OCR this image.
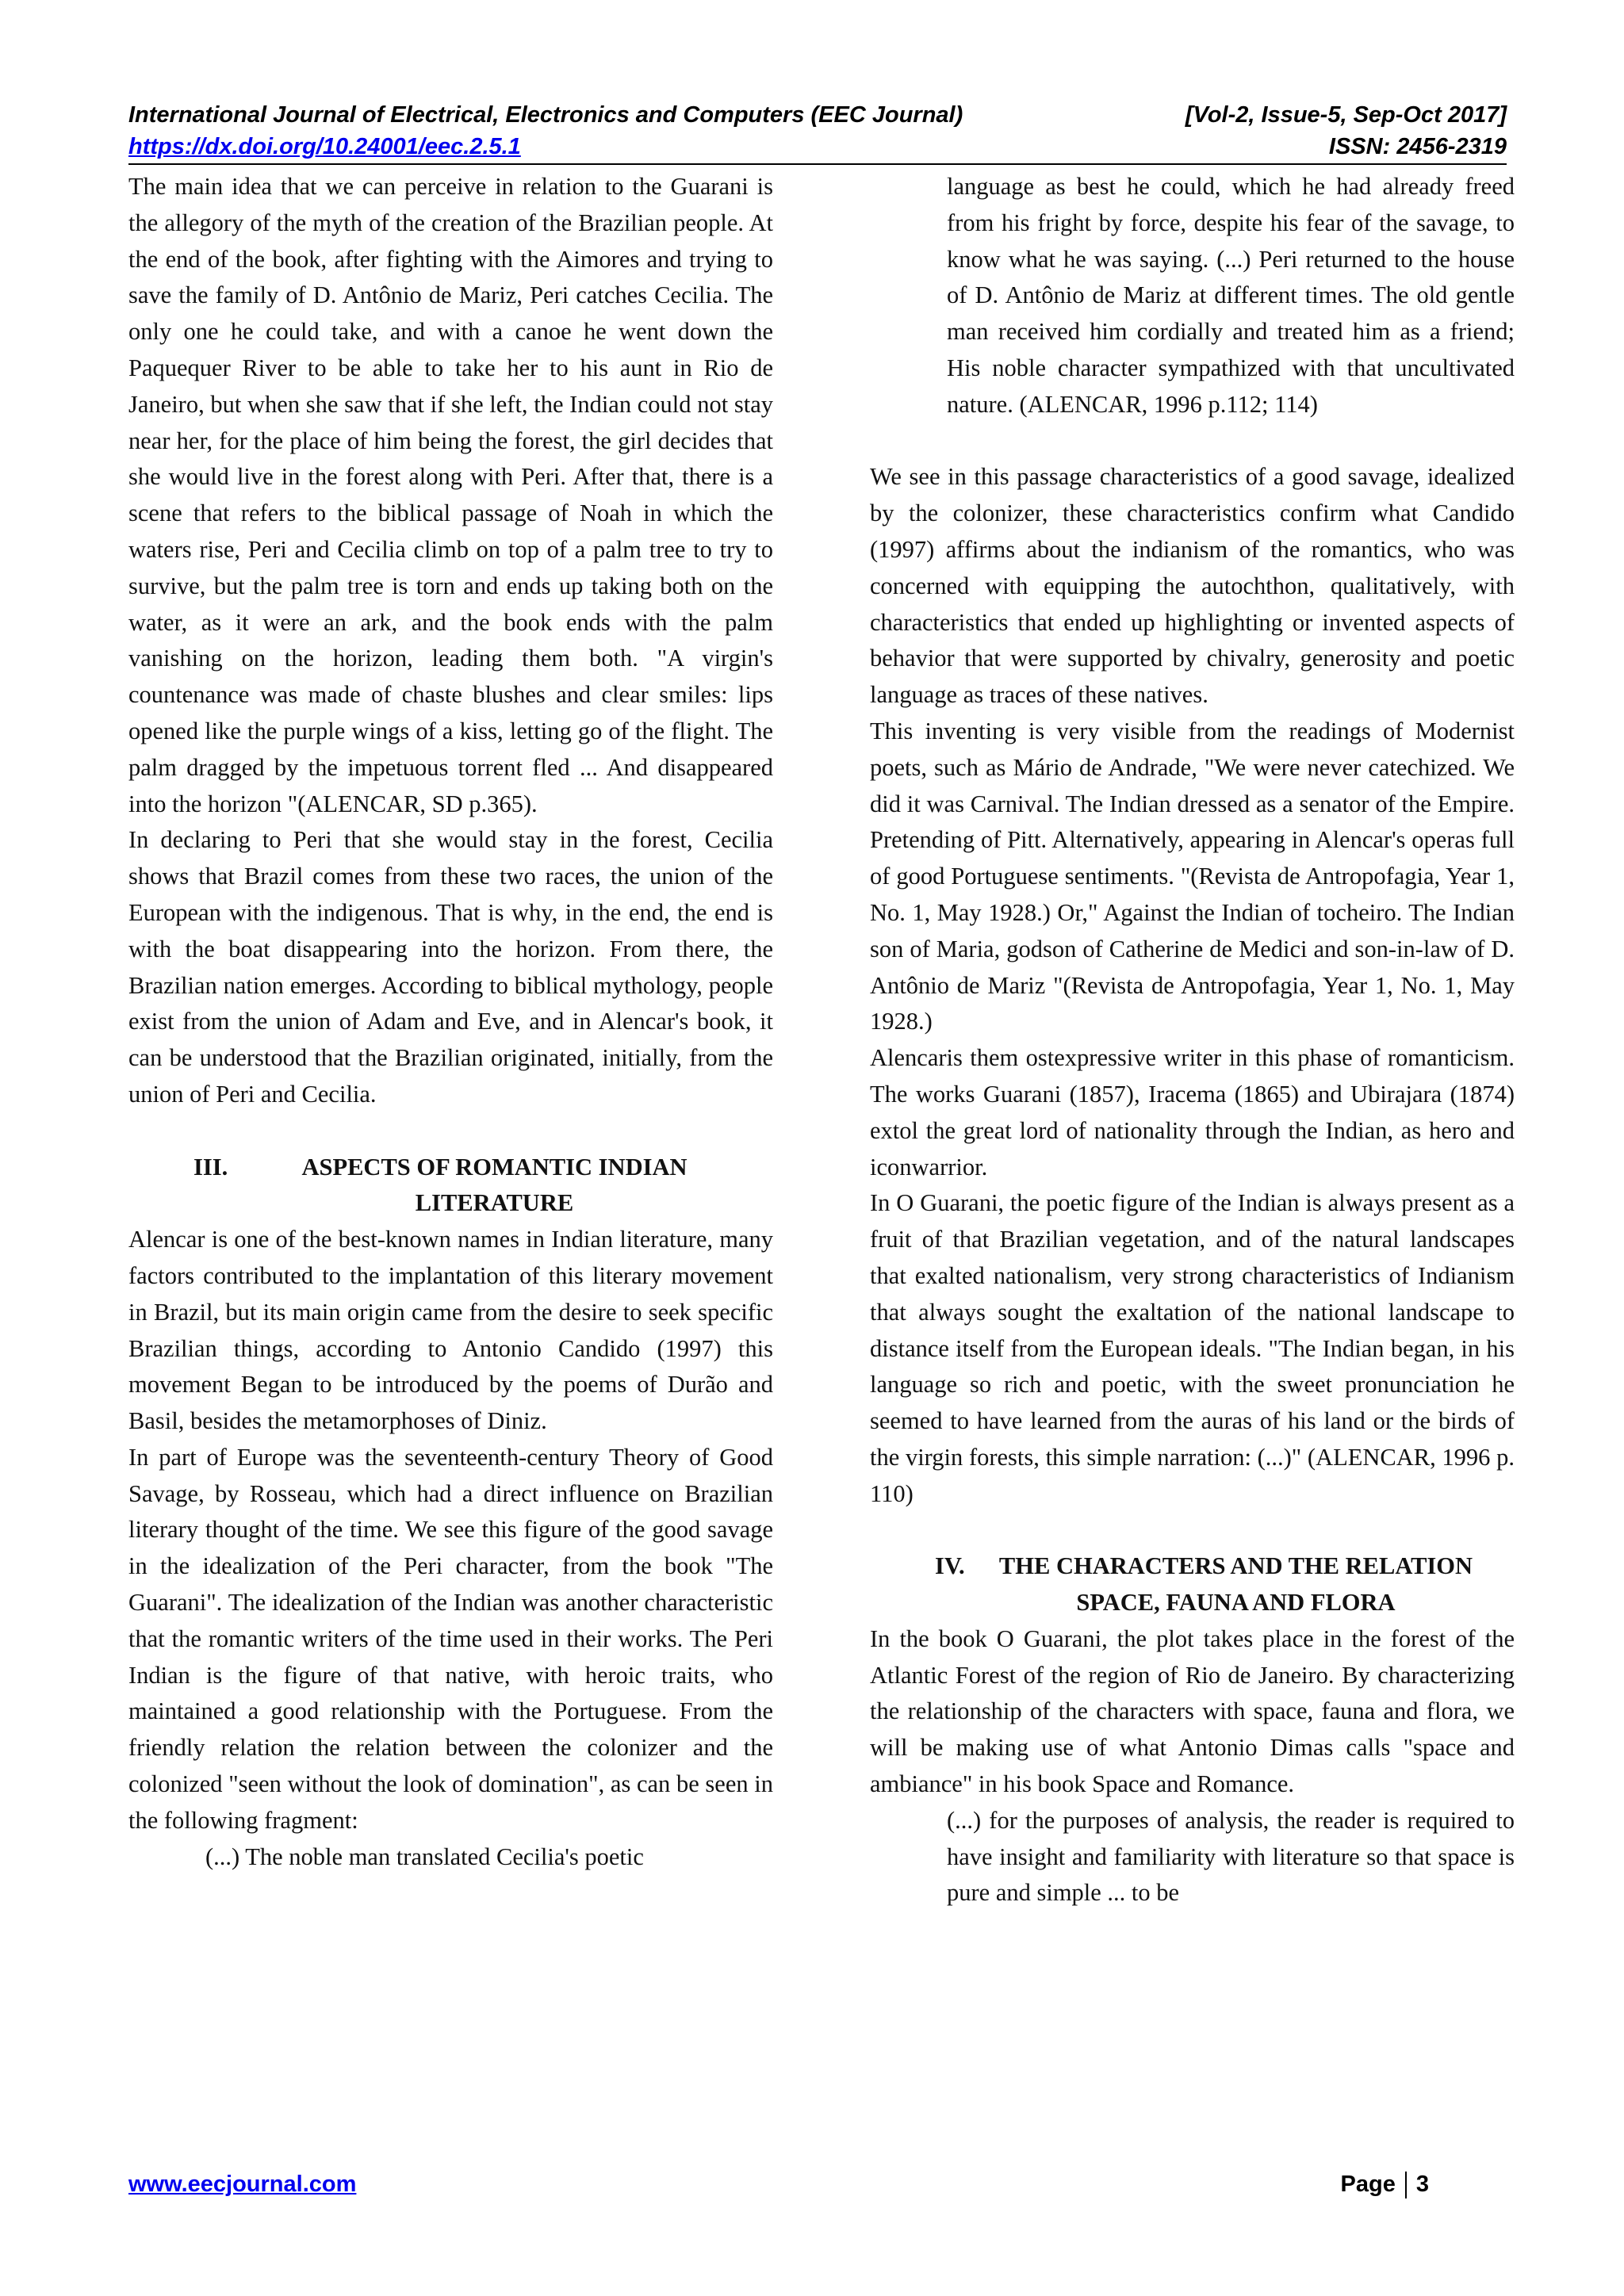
International Journal of Electrical, Electronics and Computers (EEC Journal)	[Vol-2, Issue-5, Sep-Oct 2017]
https://dx.doi.org/10.24001/eec.2.5.1	ISSN: 2456-2319

The main idea that we can perceive in relation to the Guarani is the allegory of the myth of the creation of the Brazilian people. At the end of the book, after fighting with the Aimores and trying to save the family of D. Antônio de Mariz, Peri catches Cecilia. The only one he could take, and with a canoe he went down the Paquequer River to be able to take her to his aunt in Rio de Janeiro, but when she saw that if she left, the Indian could not stay near her, for the place of him being the forest, the girl decides that she would live in the forest along with Peri. After that, there is a scene that refers to the biblical passage of Noah in which the waters rise, Peri and Cecilia climb on top of a palm tree to try to survive, but the palm tree is torn and ends up taking both on the water, as it were an ark, and the book ends with the palm vanishing on the horizon, leading them both. "A virgin's countenance was made of chaste blushes and clear smiles: lips opened like the purple wings of a kiss, letting go of the flight. The palm dragged by the impetuous torrent fled ... And disappeared into the horizon "(ALENCAR, SD p.365).

In declaring to Peri that she would stay in the forest, Cecilia shows that Brazil comes from these two races, the union of the European with the indigenous. That is why, in the end, the end is with the boat disappearing into the horizon. From there, the Brazilian nation emerges. According to biblical mythology, people exist from the union of Adam and Eve, and in Alencar's book, it can be understood that the Brazilian originated, initially, from the union of Peri and Cecilia.

III.	ASPECTS OF ROMANTIC INDIAN LITERATURE

Alencar is one of the best-known names in Indian literature, many factors contributed to the implantation of this literary movement in Brazil, but its main origin came from the desire to seek specific Brazilian things, according to Antonio Candido (1997) this movement Began to be introduced by the poems of Durão and Basil, besides the metamorphoses of Diniz.

In part of Europe was the seventeenth-century Theory of Good Savage, by Rosseau, which had a direct influence on Brazilian literary thought of the time. We see this figure of the good savage in the idealization of the Peri character, from the book "The Guarani". The idealization of the Indian was another characteristic that the romantic writers of the time used in their works. The Peri Indian is the figure of that native, with heroic traits, who maintained a good relationship with the Portuguese. From the friendly relation the relation between the colonizer and the colonized "seen without the look of domination", as can be seen in the following fragment:

(...) The noble man translated Cecilia's poetic

language as best he could, which he had already freed from his fright by force, despite his fear of the savage, to know what he was saying. (...) Peri returned to the house of D. Antônio de Mariz at different times. The old gentle man received him cordially and treated him as a friend; His noble character sympathized with that uncultivated nature. (ALENCAR, 1996 p.112; 114)

We see in this passage characteristics of a good savage, idealized by the colonizer, these characteristics confirm what Candido (1997) affirms about the indianism of the romantics, who was concerned with equipping the autochthon, qualitatively, with characteristics that ended up highlighting or invented aspects of behavior that were supported by chivalry, generosity and poetic language as traces of these natives.

This inventing is very visible from the readings of Modernist poets, such as Mário de Andrade, "We were never catechized. We did it was Carnival. The Indian dressed as a senator of the Empire. Pretending of Pitt. Alternatively, appearing in Alencar's operas full of good Portuguese sentiments. "(Revista de Antropofagia, Year 1, No. 1, May 1928.) Or," Against the Indian of tocheiro. The Indian son of Maria, godson of Catherine de Medici and son-in-law of D. Antônio de Mariz "(Revista de Antropofagia, Year 1, No. 1, May 1928.)

Alencaris them ostexpressive writer in this phase of romanticism. The works Guarani (1857), Iracema (1865) and Ubirajara (1874) extol the great lord of nationality through the Indian, as hero and iconwarrior.

In O Guarani, the poetic figure of the Indian is always present as a fruit of that Brazilian vegetation, and of the natural landscapes that exalted nationalism, very strong characteristics of Indianism that always sought the exaltation of the national landscape to distance itself from the European ideals. "The Indian began, in his language so rich and poetic, with the sweet pronunciation he seemed to have learned from the auras of his land or the birds of the virgin forests, this simple narration: (...)" (ALENCAR, 1996 p. 110)

IV.	THE CHARACTERS AND THE RELATION SPACE, FAUNA AND FLORA

In the book O Guarani, the plot takes place in the forest of the Atlantic Forest of the region of Rio de Janeiro. By characterizing the relationship of the characters with space, fauna and flora, we will be making use of what Antonio Dimas calls "space and ambiance" in his book Space and Romance.

(...) for the purposes of analysis, the reader is required to have insight and familiarity with literature so that space is pure and simple ... to be

www.eecjournal.com	Page 3
